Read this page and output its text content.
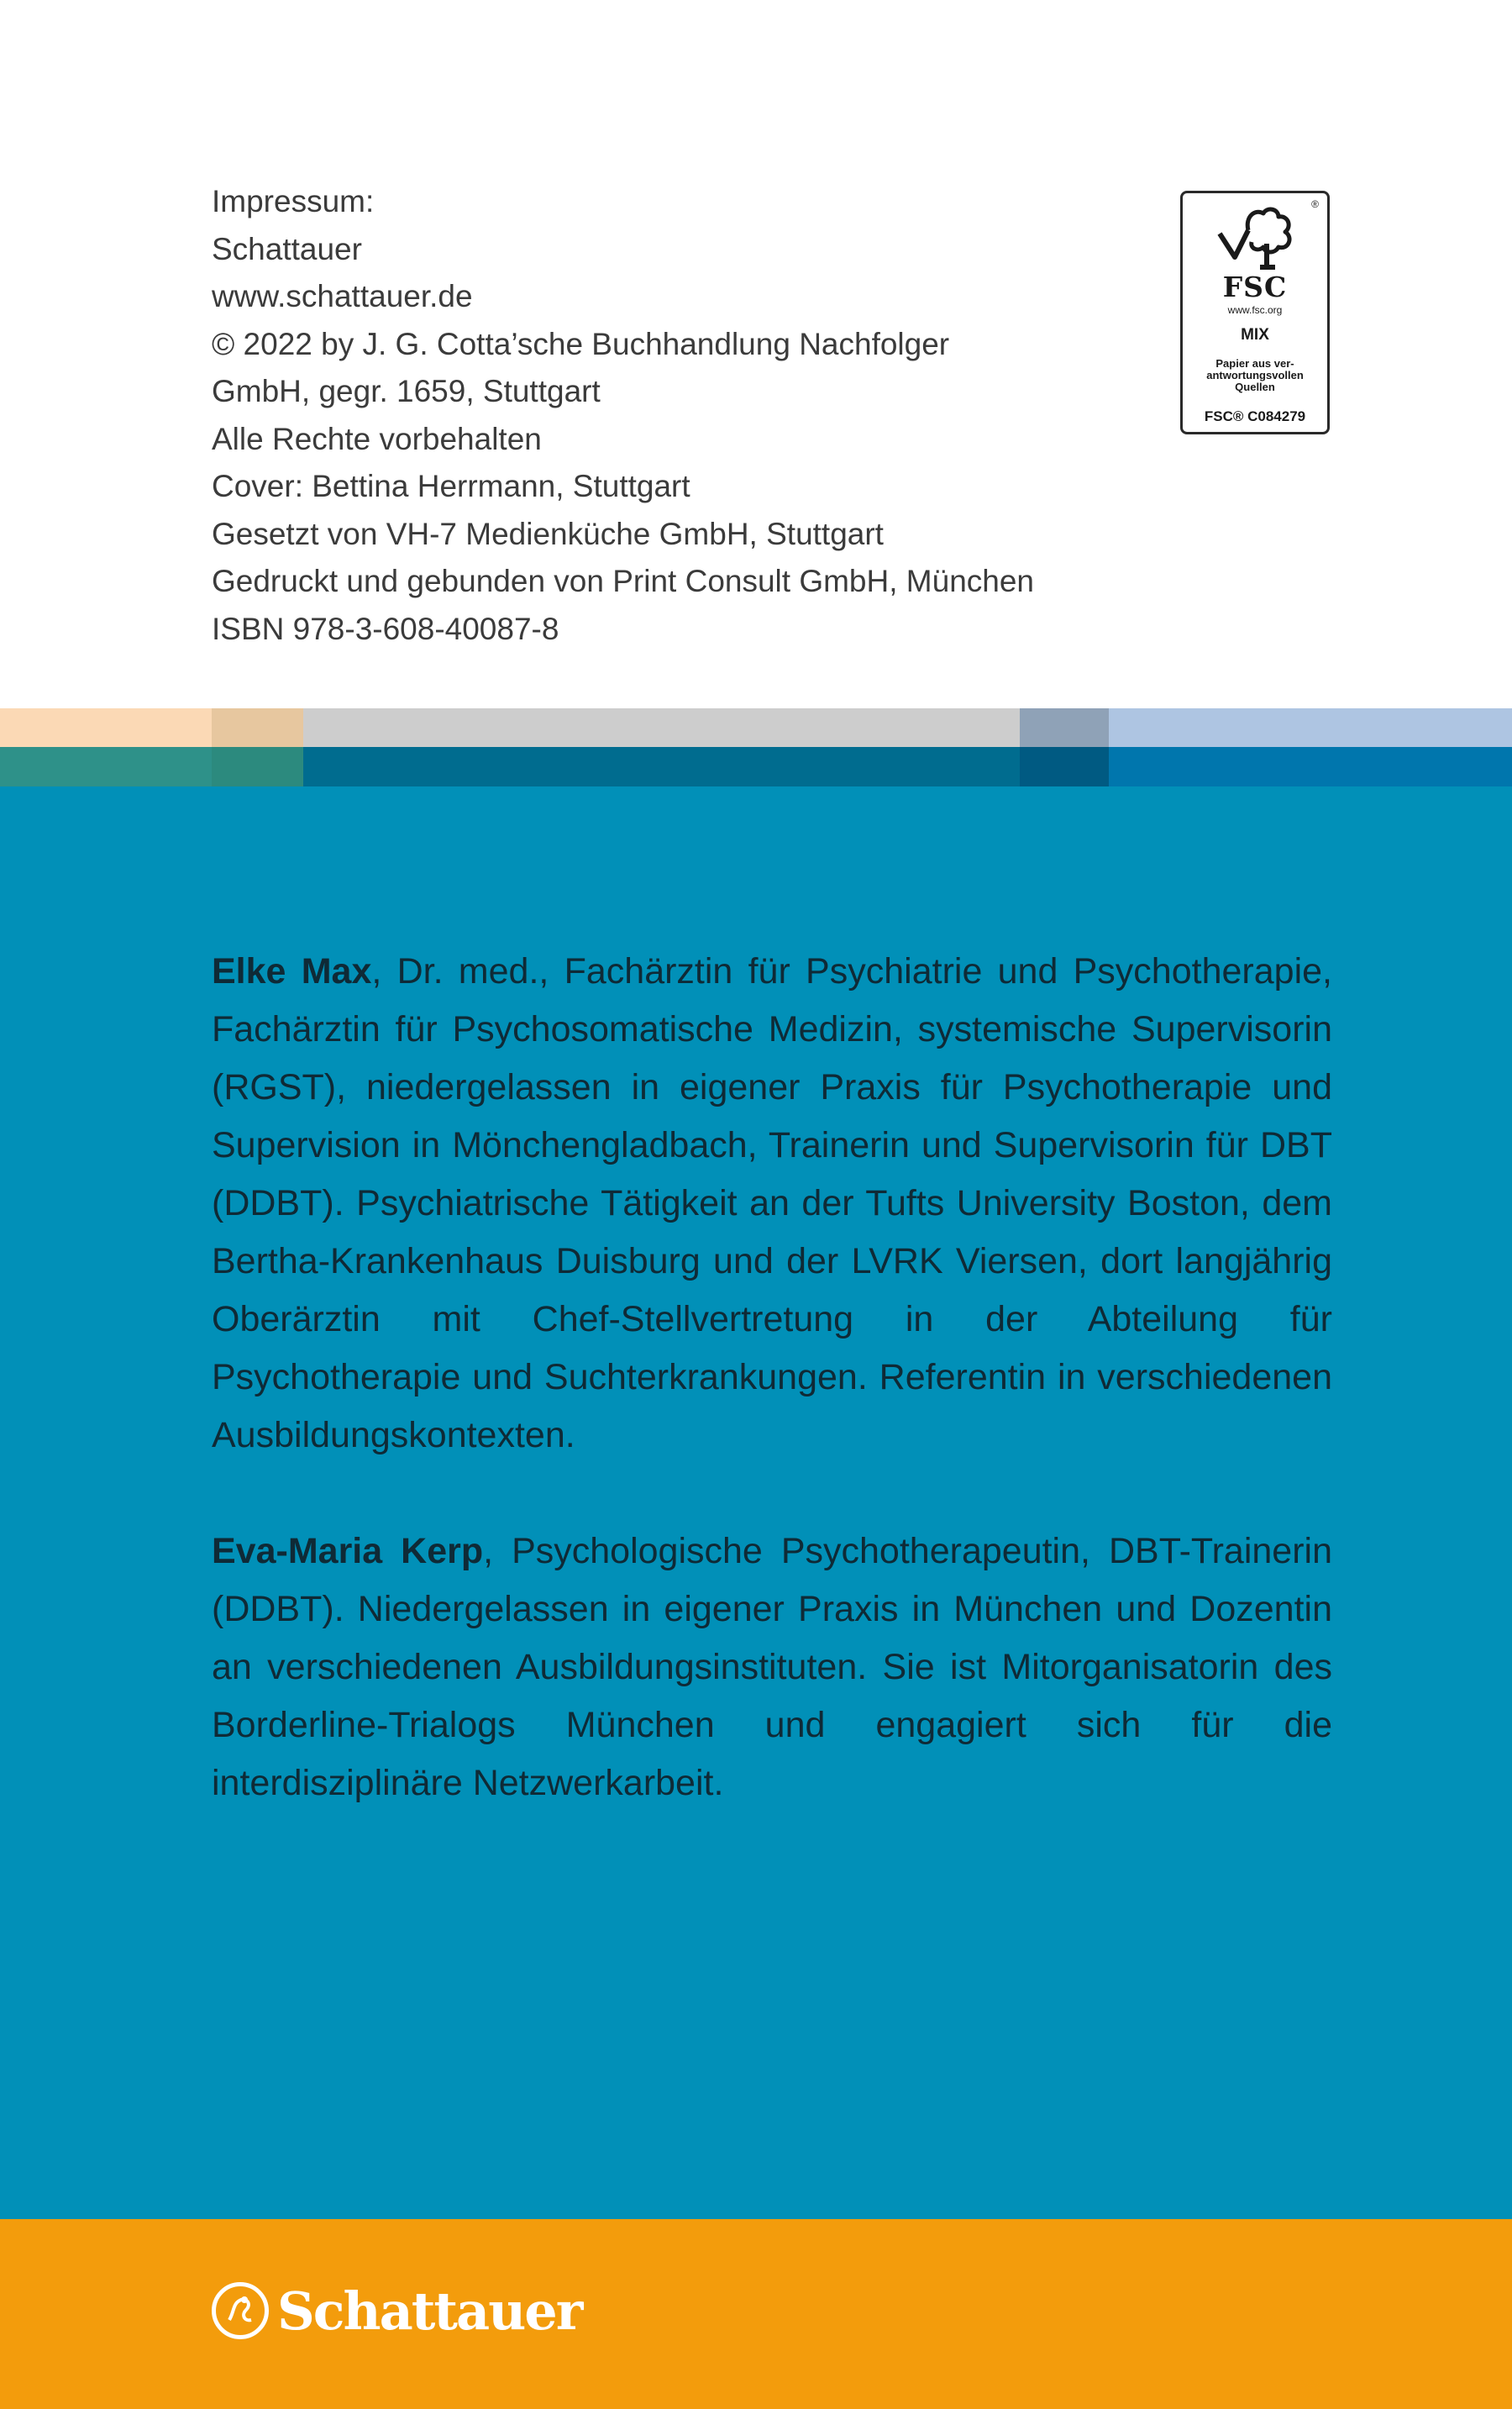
Impressum:
Schattauer
www.schattauer.de
© 2022 by J. G. Cotta’sche Buchhandlung Nachfolger
GmbH, gegr. 1659, Stuttgart
Alle Rechte vorbehalten
Cover: Bettina Herrmann, Stuttgart
Gesetzt von VH-7 Medienküche GmbH, Stuttgart
Gedruckt und gebunden von Print Consult GmbH, München
ISBN 978-3-608-40087-8
®
FSC
www.fsc.org
MIX
Papier aus ver-
antwortungsvollen
Quellen
FSC® C084279

Elke Max, Dr. med., Fachärztin für Psychiatrie und Psychotherapie, Fachärztin für Psychosomatische Medizin, systemische Supervisorin (RGST), niedergelassen in eigener Praxis für Psychotherapie und Supervision in Mönchengladbach, Trainerin und Supervisorin für DBT (DDBT). Psychiatrische Tätigkeit an der Tufts University Boston, dem Bertha-Krankenhaus Duisburg und der LVRK Viersen, dort langjährig Oberärztin mit Chef-Stellvertretung in der Abteilung für Psychotherapie und Suchterkrankungen. Referentin in verschiedenen Ausbildungskontexten.

Eva-Maria Kerp, Psychologische Psychotherapeutin, DBT-Trainerin (DDBT). Niedergelassen in eigener Praxis in München und Dozentin an verschiedenen Ausbildungsinstituten. Sie ist Mitorganisatorin des Borderline-Trialogs München und engagiert sich für die interdisziplinäre Netzwerkarbeit.

Schattauer
